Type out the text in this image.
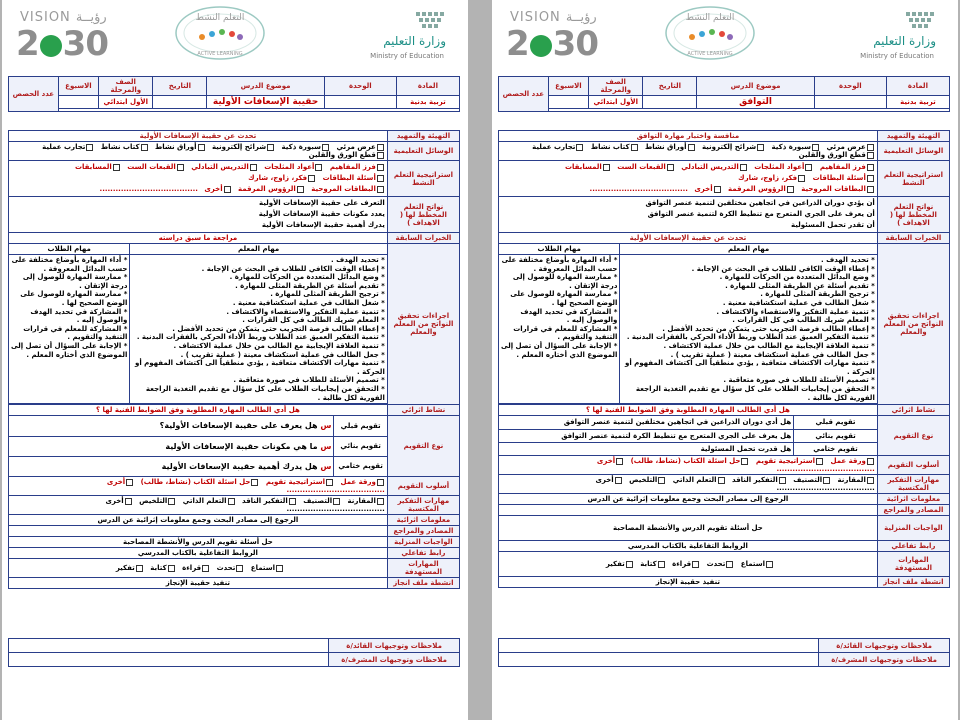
VISION رؤيــة
2 30
التعلم النشط
ACTIVE LEARNING
وزارة التعليم
Ministry of Education
المادة	الوحدة	موضوع الدرس	التاريخ	الصف والمرحلة	الاسبوع	عدد الحصص
تربية بدنية		حقيبة الإسعافات الأولية		الأول ابتدائي		

التهيئة والتمهيد	تحدث عن حقيبة الإسعافات الأولية
الوسائل التعليمية	عرض مرئي سبورة ذكية شرائح إلكترونية أوراق نشاط كتاب نشاط تجارب عملية قطع الورق والقلين
استراتيجية التعلم النشط	فرز المفاهيم أعواد المثلجات التدريس التبادلي القبعات الست المسابقات أسئلة البطاقات فكر، زاوج، شارك
البطاقات المروحية الرؤوس المرقمة أخرى .....................................
نواتج التعلم المخطط لها ( الاهداف )	
التعرف على حقيبة الإسعافات الأولية
يعدد مكونات حقيبة الإسعافات الأولية
يدرك أهمية حقيبة الإسعافات الأولية

الخبرات السابقة	مراجعة ما سبق دراسته
اجراءات تحقيق النواتج من المعلم والمعلم	
مهام المعلم	مهام الطلاب

* تحديد الهدف .
* إعطاء الوقت الكافي للطلاب في البحث عن الإجابة .
* وضع البدائل المتعددة من الحركات للمهارة .
* تقديم أسئلة عن الطريقة المثلى للمهارة .
* ترجيح الطريقة المثلى للمهارة .
* شغل الطالب في عملية استكشافية معنية .
* تنمية عملية التفكير والاستقصاء والاكتشاف .
* المعلم شريك الطالب في كل القرارات .
* إعطاء الطالب فرصة التجريب حتى يتمكن من تحديد الأفضل .
* تنمية التفكير العميق عند الطلاب وربط الأداء الحركي بالفقرات البدنية .
* تنمية العلاقة الإيجابية مع الطالب من خلال عملية الاكتشاف .
* جعل الطالب في عملية استكشاف معينة ( عملية تقريب ) .
* تنمية مهارات الاكتشاف متعاقبة , يؤدي منطقياً الى اكتشاف المفهوم أو الحركة .
* تصميم الأسئلة للطلاب في صورة متعاقبة .
* التحقق من إيجابيات الطلاب على كل سؤال مع تقديم التغذية الراجعة الفورية لكل طالبة .

* أداء المهارة بأوضاع مختلفة على حسب البدائل المعروفة .
* ممارسة المهارة للوصول إلى درجة الإتقان .
* ممارسة المهارة للوصول على الوضع الصحيح لها .
* المشاركة في تحديد الهدف والوصول إليه .
* المشاركة للمعلم في قرارات التنفيذ والتقويم .
* الإجابة على السؤال أن تصل إلى الموضوع الذي أختاره المعلم .

نشاط اثرائي	هل أدي الطالب المهارة المطلوبة وفق الضوابط الفنية لها ؟
نوع التقويم	
تقويم قبلي	س هل يعرف على حقيبة الإسعافات الأولية؟
تقويم بنائي	س ما هي مكونات حقيبة الإسعافات الأولية
تقويم ختامي	س هل يدرك أهمية حقيبة الإسعافات الأولية

أسلوب التقويم	ورقة عمل استراتيجية تقويم حل اسئلة الكتاب (نشاط، طالب) أخرى .....................................
مهارات التفكير المكتسبة	المقارنة التصنيف التفكير الناقد التعلم الذاتي التلخيص أخرى .....................................
معلومات اثرائية	الرجوع إلى مصادر البحث وجمع معلومات إثرائية عن الدرس
المصادر والمراجع	
الواجبات المنزلية	حل أسئلة تقويم الدرس والأنشطة المصاحبة
رابط تفاعلي	الروابط التفاعلية بالكتاب المدرسي
المهارات المستهدفة	استماع تحدث قراءة كتابة تفكير
انشطة ملف انجاز	تنفيذ حقيبة الإنجاز
ملاحظات وتوجيهات القائد/ة	
ملاحظات وتوجيهات المشرف/ة	
VISION رؤيــة
2 30
التعلم النشط
ACTIVE LEARNING
وزارة التعليم
Ministry of Education
المادة	الوحدة	موضوع الدرس	التاريخ	الصف والمرحلة	الاسبوع	عدد الحصص
تربية بدنية		التوافق		الأول ابتدائي		

التهيئة والتمهيد	منافسة واختبار مهارة التوافق
الوسائل التعليمية	عرض مرئي سبورة ذكية شرائح إلكترونية أوراق نشاط كتاب نشاط تجارب عملية قطع الورق والقلين
استراتيجية التعلم النشط	فرز المفاهيم أعواد المثلجات التدريس التبادلي القبعات الست المسابقات أسئلة البطاقات فكر، زاوج، شارك
البطاقات المروحية الرؤوس المرقمة أخرى .....................................
نواتج التعلم المخطط لها ( الاهداف )	
أن يؤدي دوران الذراعين في اتجاهين مختلفين لتنمية عنصر التوافق
أن يعرف على الجري المتعرج مع تنطيط الكرة لتنمية عنصر التوافق
أن تقدر تحمل المسئولية

الخبرات السابقة	تحدث عن حقيبة الإسعافات الأولية
اجراءات تحقيق النواتج من المعلم والمعلم	
مهام المعلم	مهام الطلاب

* تحديد الهدف .
* إعطاء الوقت الكافي للطلاب في البحث عن الإجابة .
* وضع البدائل المتعددة من الحركات للمهارة .
* تقديم أسئلة عن الطريقة المثلى للمهارة .
* ترجيح الطريقة المثلى للمهارة .
* شغل الطالب في عملية استكشافية معنية .
* تنمية عملية التفكير والاستقصاء والاكتشاف .
* المعلم شريك الطالب في كل القرارات .
* إعطاء الطالب فرصة التجريب حتى يتمكن من تحديد الأفضل .
* تنمية التفكير العميق عند الطلاب وربط الأداء الحركي بالفقرات البدنية .
* تنمية العلاقة الإيجابية مع الطالب من خلال عملية الاكتشاف .
* جعل الطالب في عملية استكشاف معينة ( عملية تقريب ) .
* تنمية مهارات الاكتشاف متعاقبة , يؤدي منطقياً الى اكتشاف المفهوم أو الحركة .
* تصميم الأسئلة للطلاب في صورة متعاقبة .
* التحقق من إيجابيات الطلاب على كل سؤال مع تقديم التغذية الراجعة الفورية لكل طالبة .

* أداء المهارة بأوضاع مختلفة على حسب البدائل المعروفة .
* ممارسة المهارة للوصول إلى درجة الإتقان .
* ممارسة المهارة للوصول على الوضع الصحيح لها .
* المشاركة في تحديد الهدف والوصول إليه .
* المشاركة للمعلم في قرارات التنفيذ والتقويم .
* الإجابة على السؤال أن تصل إلى الموضوع الذي أختاره المعلم .

نشاط اثرائي	هل أدي الطالب المهارة المطلوبة وفق الضوابط الفنية لها ؟
نوع التقويم	
تقويم قبلي	هل أدي دوران الذراعين في اتجاهين مختلفين لتنمية عنصر التوافق
تقويم بنائي	هل يعرف على الجري المتعرج مع تنطيط الكرة لتنمية عنصر التوافق
تقويم ختامي	هل قدرت تحمل المسئولية

أسلوب التقويم	ورقة عمل استراتيجية تقويم حل اسئلة الكتاب (نشاط، طالب) أخرى .....................................
مهارات التفكير المكتسبة	المقارنة التصنيف التفكير الناقد التعلم الذاتي التلخيص أخرى .....................................
معلومات اثرائية	الرجوع إلى مصادر البحث وجمع معلومات إثرائية عن الدرس
المصادر والمراجع	
الواجبات المنزلية	حل أسئلة تقويم الدرس والأنشطة المصاحبة
رابط تفاعلي	الروابط التفاعلية بالكتاب المدرسي
المهارات المستهدفة	استماع تحدث قراءة كتابة تفكير
انشطة ملف انجاز	تنفيذ حقيبة الإنجاز
ملاحظات وتوجيهات القائد/ة	
ملاحظات وتوجيهات المشرف/ة	
